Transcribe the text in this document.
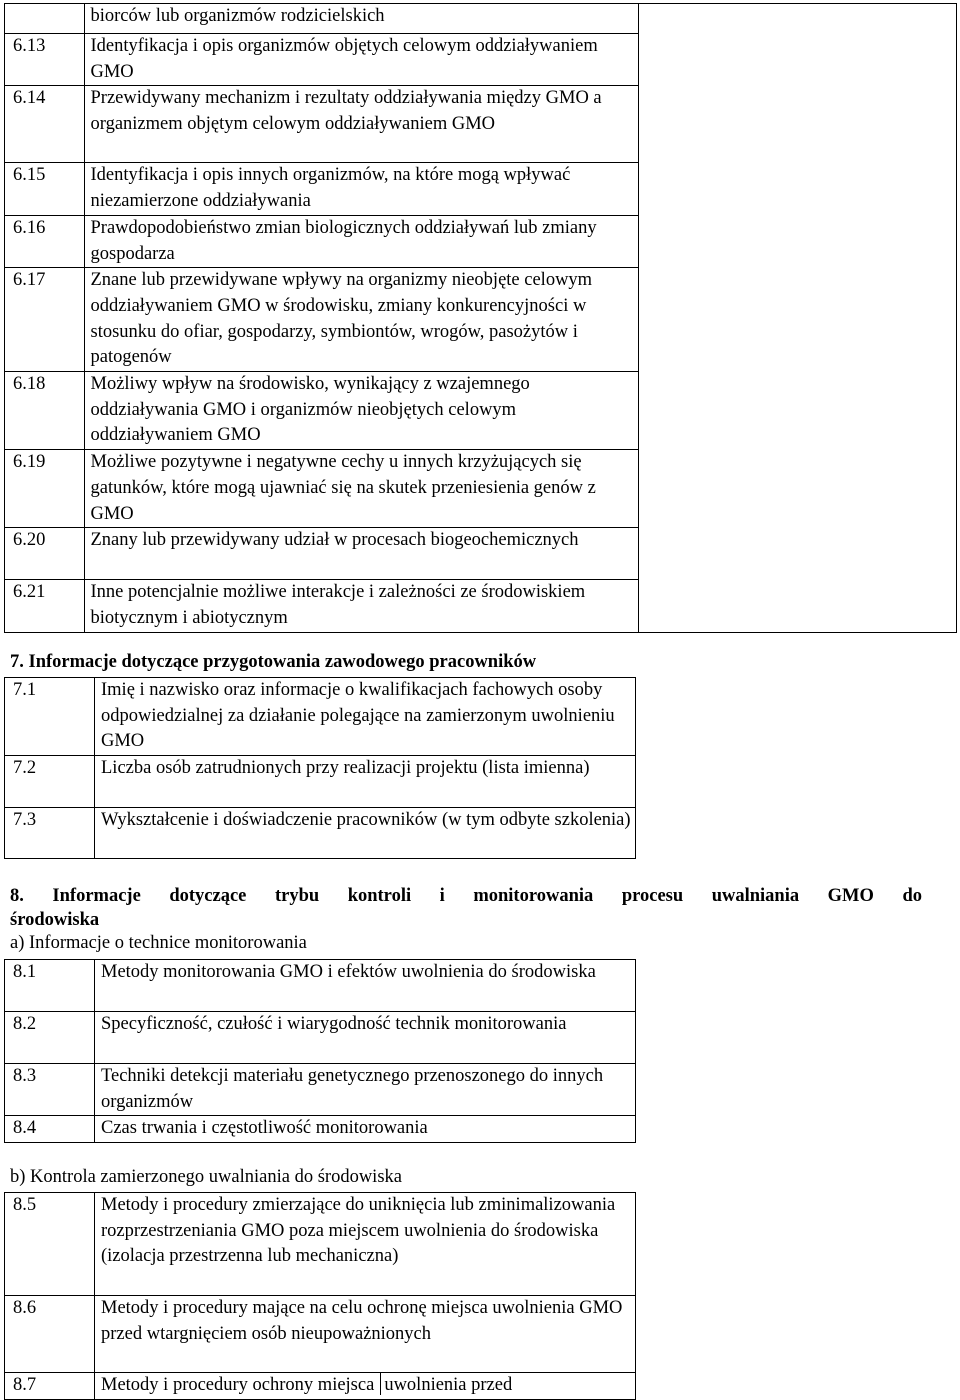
	biorców lub organizmów rodzicielskich	
6.13	Identyfikacja i opis organizmów objętych celowym oddziaływaniem GMO	
6.14	Przewidywany mechanizm i rezultaty oddziaływania między GMO a organizmem objętym celowym oddziaływaniem GMO	
6.15	Identyfikacja i opis innych organizmów, na które mogą wpływać niezamierzone oddziaływania	
6.16	Prawdopodobieństwo zmian biologicznych oddziaływań lub zmiany gospodarza	
6.17	Znane lub przewidywane wpływy na organizmy nieobjęte celowym oddziaływaniem GMO w środowisku, zmiany konkurencyjności w stosunku do ofiar, gospodarzy, symbiontów, wrogów, pasożytów i patogenów	
6.18	Możliwy wpływ na środowisko, wynikający z wzajemnego oddziaływania GMO i organizmów nieobjętych celowym oddziaływaniem GMO	
6.19	Możliwe pozytywne i negatywne cechy u innych krzyżujących się gatunków, które mogą ujawniać się na skutek przeniesienia genów z GMO	
6.20	Znany lub przewidywany udział w procesach biogeochemicznych	
6.21	Inne potencjalnie możliwe interakcje i zależności ze środowiskiem biotycznym i abiotycznym	
7. Informacje dotyczące przygotowania zawodowego pracowników
7.1	Imię i nazwisko oraz informacje o kwalifikacjach fachowych osoby odpowiedzialnej za działanie polegające na zamierzonym uwolnieniu GMO
7.2	Liczba osób zatrudnionych przy realizacji projektu (lista imienna)
7.3	Wykształcenie i doświadczenie pracowników (w tym odbyte szkolenia)
8. Informacje dotyczące trybu kontroli i monitorowania procesu uwalniania GMO do
środowiska
a) Informacje o technice monitorowania
8.1	Metody monitorowania GMO i efektów uwolnienia do środowiska
8.2	Specyficzność, czułość i wiarygodność technik monitorowania
8.3	Techniki detekcji materiału genetycznego przenoszonego do innych organizmów
8.4	Czas trwania i częstotliwość monitorowania
b) Kontrola zamierzonego uwalniania do środowiska
8.5	Metody i procedury zmierzające do uniknięcia lub zminimalizowania rozprzestrzeniania GMO poza miejscem uwolnienia do środowiska (izolacja przestrzenna lub mechaniczna)
8.6	Metody i procedury mające na celu ochronę miejsca uwolnienia GMO przed wtargnięciem osób nieupoważnionych
8.7	Metody i procedury ochrony miejsca uwolnienia przed
